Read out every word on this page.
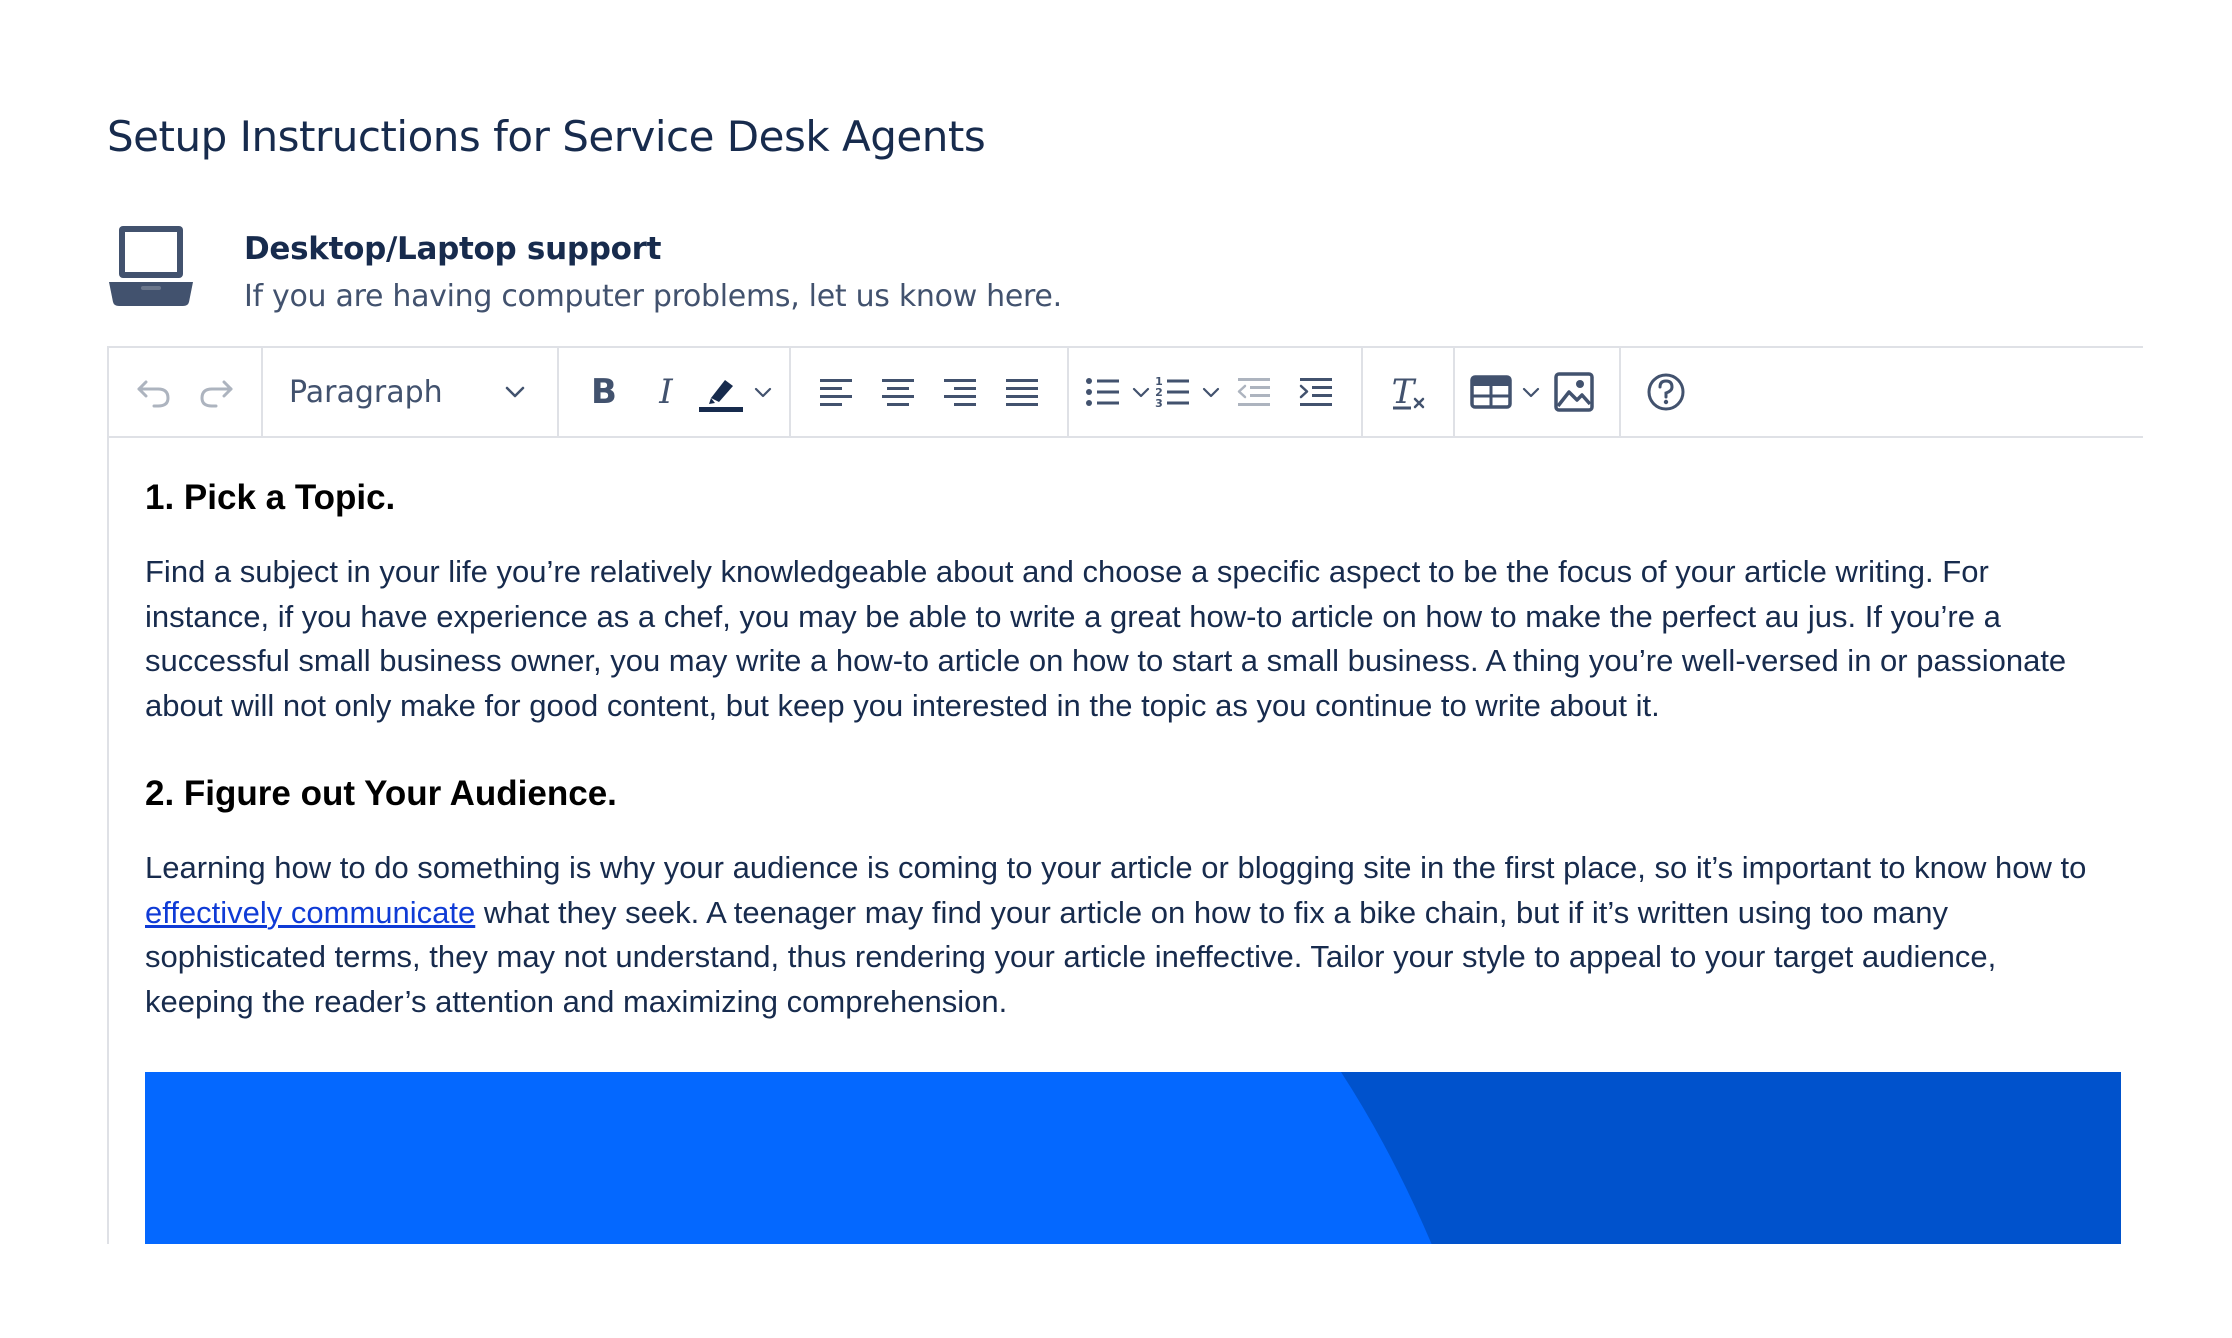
Setup Instructions for Service Desk Agents
Desktop/Laptop support
If you are having computer problems, let us know here.
Paragraph	B I	1
2
3	T
1. Pick a Topic.

Find a subject in your life you’re relatively knowledgeable about and choose a specific aspect to be the focus of your article writing. For instance, if you have experience as a chef, you may be able to write a great how-to article on how to make the perfect au jus. If you’re a successful small business owner, you may write a how-to article on how to start a small business. A thing you’re well-versed in or passionate about will not only make for good content, but keep you interested in the topic as you continue to write about it.

2. Figure out Your Audience.

Learning how to do something is why your audience is coming to your article or blogging site in the first place, so it’s important to know how to effectively communicate what they seek. A teenager may find your article on how to fix a bike chain, but if it’s written using too many sophisticated terms, they may not understand, thus rendering your article ineffective. Tailor your style to appeal to your target audience, keeping the reader’s attention and maximizing comprehension.
